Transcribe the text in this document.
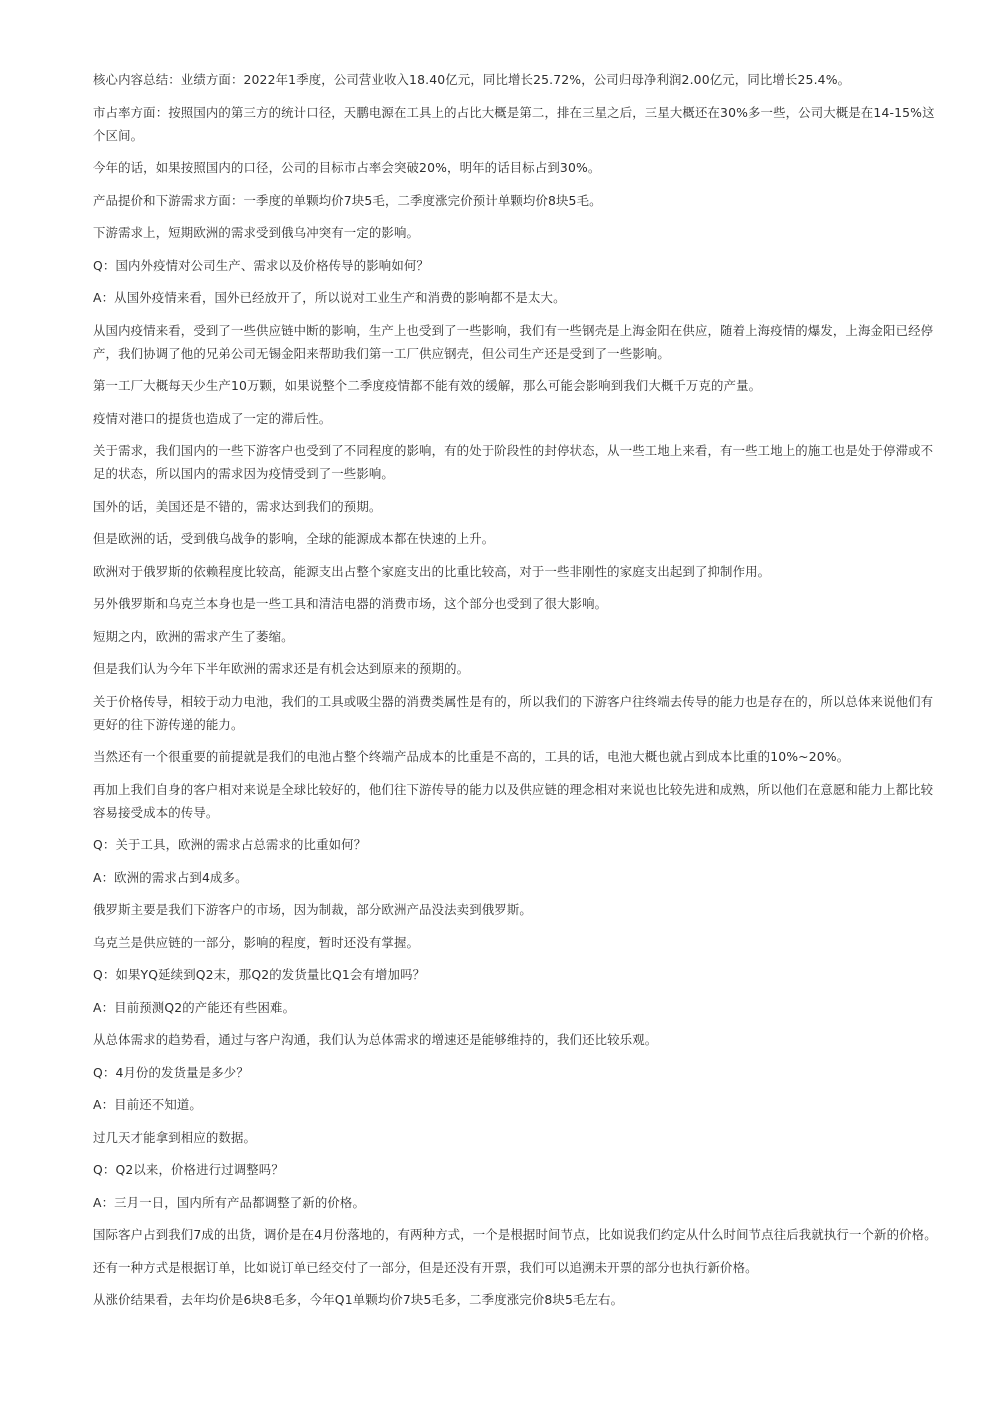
核心内容总结：业绩方面：2022年1季度，公司营业收入18.40亿元，同比增长25.72%，公司归母净利润2.00亿元，同比增长25.4%。

市占率方面：按照国内的第三方的统计口径，天鹏电源在工具上的占比大概是第二，排在三星之后，三星大概还在30%多一些，公司大概是在14-15%这个区间。

今年的话，如果按照国内的口径，公司的目标市占率会突破20%，明年的话目标占到30%。

产品提价和下游需求方面：一季度的单颗均价7块5毛，二季度涨完价预计单颗均价8块5毛。

下游需求上，短期欧洲的需求受到俄乌冲突有一定的影响。

Q：国内外疫情对公司生产、需求以及价格传导的影响如何？

A：从国外疫情来看，国外已经放开了，所以说对工业生产和消费的影响都不是太大。

从国内疫情来看，受到了一些供应链中断的影响，生产上也受到了一些影响，我们有一些钢壳是上海金阳在供应，随着上海疫情的爆发，上海金阳已经停产，我们协调了他的兄弟公司无锡金阳来帮助我们第一工厂供应钢壳，但公司生产还是受到了一些影响。

第一工厂大概每天少生产10万颗，如果说整个二季度疫情都不能有效的缓解，那么可能会影响到我们大概千万克的产量。

疫情对港口的提货也造成了一定的滞后性。

关于需求，我们国内的一些下游客户也受到了不同程度的影响，有的处于阶段性的封停状态，从一些工地上来看，有一些工地上的施工也是处于停滞或不足的状态，所以国内的需求因为疫情受到了一些影响。

国外的话，美国还是不错的，需求达到我们的预期。

但是欧洲的话，受到俄乌战争的影响，全球的能源成本都在快速的上升。

欧洲对于俄罗斯的依赖程度比较高，能源支出占整个家庭支出的比重比较高，对于一些非刚性的家庭支出起到了抑制作用。

另外俄罗斯和乌克兰本身也是一些工具和清洁电器的消费市场，这个部分也受到了很大影响。

短期之内，欧洲的需求产生了萎缩。

但是我们认为今年下半年欧洲的需求还是有机会达到原来的预期的。

关于价格传导，相较于动力电池，我们的工具或吸尘器的消费类属性是有的，所以我们的下游客户往终端去传导的能力也是存在的，所以总体来说他们有更好的往下游传递的能力。

当然还有一个很重要的前提就是我们的电池占整个终端产品成本的比重是不高的，工具的话，电池大概也就占到成本比重的10%~20%。

再加上我们自身的客户相对来说是全球比较好的，他们往下游传导的能力以及供应链的理念相对来说也比较先进和成熟，所以他们在意愿和能力上都比较容易接受成本的传导。

Q：关于工具，欧洲的需求占总需求的比重如何？

A：欧洲的需求占到4成多。

俄罗斯主要是我们下游客户的市场，因为制裁，部分欧洲产品没法卖到俄罗斯。

乌克兰是供应链的一部分，影响的程度，暂时还没有掌握。

Q：如果YQ延续到Q2末，那Q2的发货量比Q1会有增加吗？

A：目前预测Q2的产能还有些困难。

从总体需求的趋势看，通过与客户沟通，我们认为总体需求的增速还是能够维持的，我们还比较乐观。

Q：4月份的发货量是多少？

A：目前还不知道。

过几天才能拿到相应的数据。

Q：Q2以来，价格进行过调整吗？

A：三月一日，国内所有产品都调整了新的价格。

国际客户占到我们7成的出货，调价是在4月份落地的，有两种方式，一个是根据时间节点，比如说我们约定从什么时间节点往后我就执行一个新的价格。

还有一种方式是根据订单，比如说订单已经交付了一部分，但是还没有开票，我们可以追溯未开票的部分也执行新价格。

从涨价结果看，去年均价是6块8毛多，今年Q1单颗均价7块5毛多，二季度涨完价8块5毛左右。
